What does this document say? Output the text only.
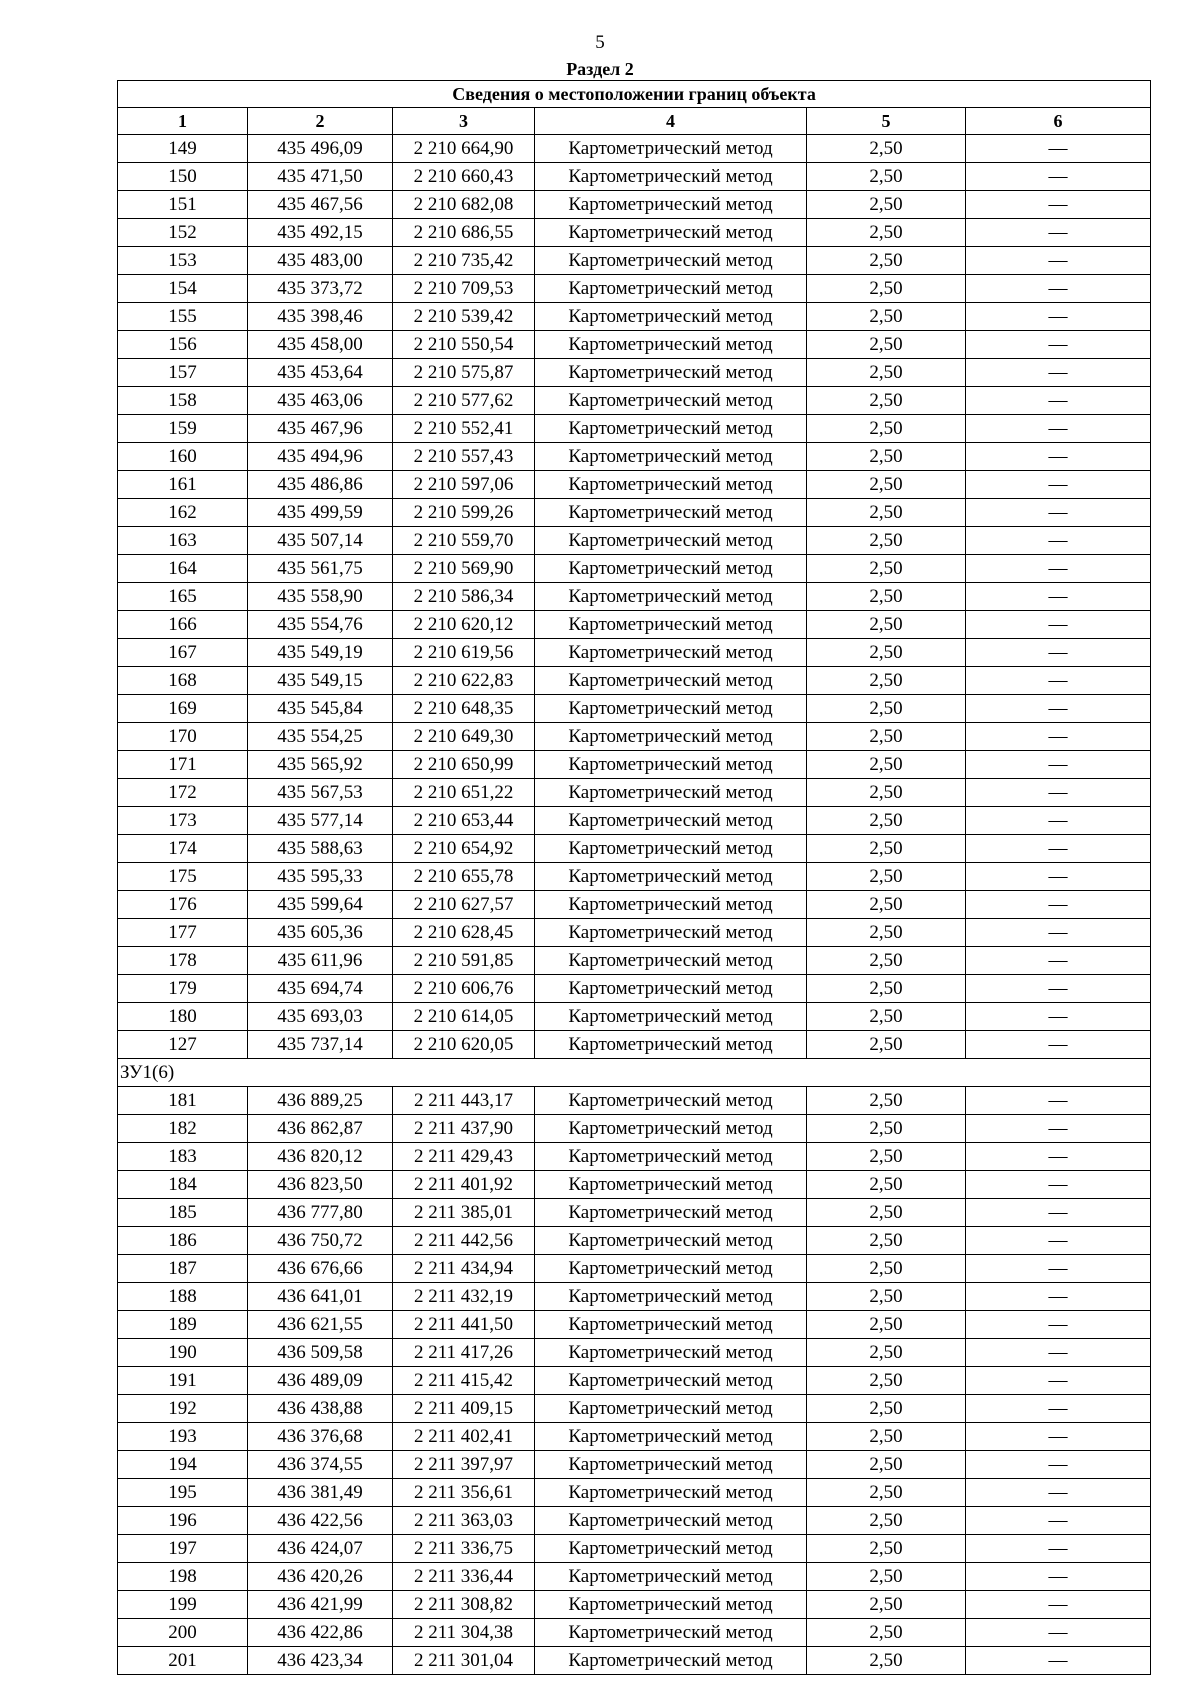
5
Раздел 2
Сведения о местоположении границ объекта					
1	2	3	4	5	6
149	435 496,09	2 210 664,90	Картометрический метод	2,50	—
150	435 471,50	2 210 660,43	Картометрический метод	2,50	—
151	435 467,56	2 210 682,08	Картометрический метод	2,50	—
152	435 492,15	2 210 686,55	Картометрический метод	2,50	—
153	435 483,00	2 210 735,42	Картометрический метод	2,50	—
154	435 373,72	2 210 709,53	Картометрический метод	2,50	—
155	435 398,46	2 210 539,42	Картометрический метод	2,50	—
156	435 458,00	2 210 550,54	Картометрический метод	2,50	—
157	435 453,64	2 210 575,87	Картометрический метод	2,50	—
158	435 463,06	2 210 577,62	Картометрический метод	2,50	—
159	435 467,96	2 210 552,41	Картометрический метод	2,50	—
160	435 494,96	2 210 557,43	Картометрический метод	2,50	—
161	435 486,86	2 210 597,06	Картометрический метод	2,50	—
162	435 499,59	2 210 599,26	Картометрический метод	2,50	—
163	435 507,14	2 210 559,70	Картометрический метод	2,50	—
164	435 561,75	2 210 569,90	Картометрический метод	2,50	—
165	435 558,90	2 210 586,34	Картометрический метод	2,50	—
166	435 554,76	2 210 620,12	Картометрический метод	2,50	—
167	435 549,19	2 210 619,56	Картометрический метод	2,50	—
168	435 549,15	2 210 622,83	Картометрический метод	2,50	—
169	435 545,84	2 210 648,35	Картометрический метод	2,50	—
170	435 554,25	2 210 649,30	Картометрический метод	2,50	—
171	435 565,92	2 210 650,99	Картометрический метод	2,50	—
172	435 567,53	2 210 651,22	Картометрический метод	2,50	—
173	435 577,14	2 210 653,44	Картометрический метод	2,50	—
174	435 588,63	2 210 654,92	Картометрический метод	2,50	—
175	435 595,33	2 210 655,78	Картометрический метод	2,50	—
176	435 599,64	2 210 627,57	Картометрический метод	2,50	—
177	435 605,36	2 210 628,45	Картометрический метод	2,50	—
178	435 611,96	2 210 591,85	Картометрический метод	2,50	—
179	435 694,74	2 210 606,76	Картометрический метод	2,50	—
180	435 693,03	2 210 614,05	Картометрический метод	2,50	—
127	435 737,14	2 210 620,05	Картометрический метод	2,50	—
ЗУ1(6)					
181	436 889,25	2 211 443,17	Картометрический метод	2,50	—
182	436 862,87	2 211 437,90	Картометрический метод	2,50	—
183	436 820,12	2 211 429,43	Картометрический метод	2,50	—
184	436 823,50	2 211 401,92	Картометрический метод	2,50	—
185	436 777,80	2 211 385,01	Картометрический метод	2,50	—
186	436 750,72	2 211 442,56	Картометрический метод	2,50	—
187	436 676,66	2 211 434,94	Картометрический метод	2,50	—
188	436 641,01	2 211 432,19	Картометрический метод	2,50	—
189	436 621,55	2 211 441,50	Картометрический метод	2,50	—
190	436 509,58	2 211 417,26	Картометрический метод	2,50	—
191	436 489,09	2 211 415,42	Картометрический метод	2,50	—
192	436 438,88	2 211 409,15	Картометрический метод	2,50	—
193	436 376,68	2 211 402,41	Картометрический метод	2,50	—
194	436 374,55	2 211 397,97	Картометрический метод	2,50	—
195	436 381,49	2 211 356,61	Картометрический метод	2,50	—
196	436 422,56	2 211 363,03	Картометрический метод	2,50	—
197	436 424,07	2 211 336,75	Картометрический метод	2,50	—
198	436 420,26	2 211 336,44	Картометрический метод	2,50	—
199	436 421,99	2 211 308,82	Картометрический метод	2,50	—
200	436 422,86	2 211 304,38	Картометрический метод	2,50	—
201	436 423,34	2 211 301,04	Картометрический метод	2,50	—
